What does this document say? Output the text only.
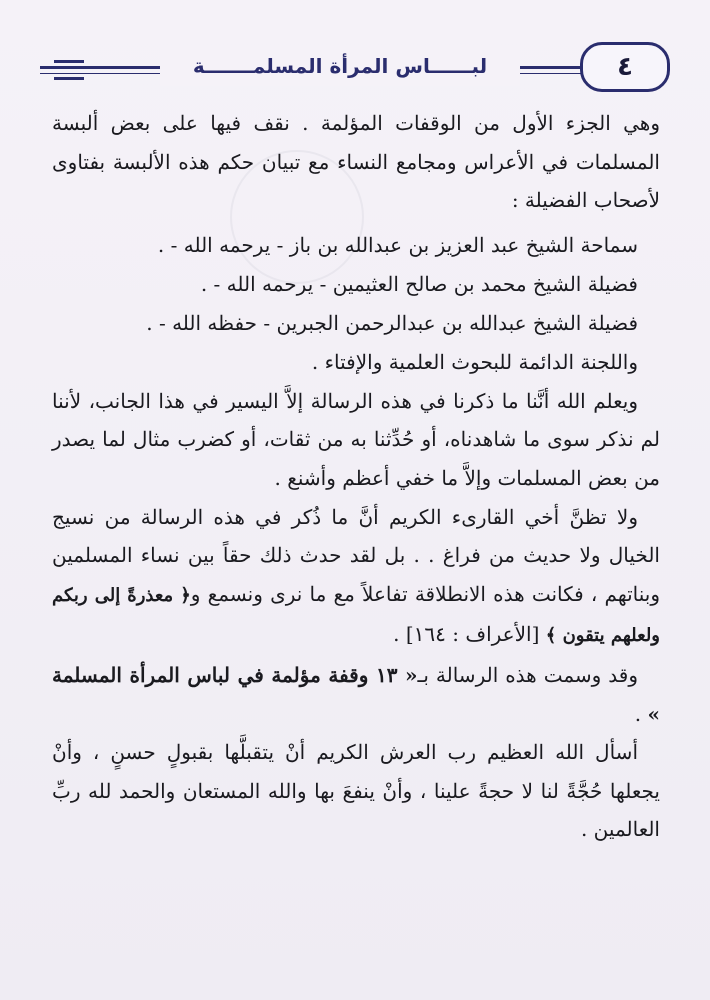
لبــــــاس المرأة المسلمـــــــة	٤

وهي الجزء الأول من الوقفات المؤلمة . نقف فيها على بعض ألبسة المسلمات في الأعراس ومجامع النساء مع تبيان حكم هذه الألبسة بفتاوى لأصحاب الفضيلة :

سماحة الشيخ عبد العزيز بن عبدالله بن باز - يرحمه الله - .
فضيلة الشيخ محمد بن صالح العثيمين - يرحمه الله - .
فضيلة الشيخ عبدالله بن عبدالرحمن الجبرين - حفظه الله - .
واللجنة الدائمة للبحوث العلمية والإفتاء .

ويعلم الله أنَّنا ما ذكرنا في هذه الرسالة إلاَّ اليسير في هذا الجانب، لأننا لم نذكر سوى ما شاهدناه، أو حُدِّثنا به من ثقات، أو كضرب مثال لما يصدر من بعض المسلمات وإلاَّ ما خفي أعظم وأشنع .

ولا تظنَّ أخي القارىء الكريم أنَّ ما ذُكر في هذه الرسالة من نسيج الخيال ولا حديث من فراغ . . بل لقد حدث ذلك حقاً بين نساء المسلمين وبناتهم ، فكانت هذه الانطلاقة تفاعلاً مع ما نرى ونسمع و﴿ معذرةً إلى ربكم ولعلهم يتقون ﴾ [الأعراف : ١٦٤] .

وقد وسمت هذه الرسالة بـ« ١٣ وقفة مؤلمة في لباس المرأة المسلمة » .

أسأل الله العظيم رب العرش الكريم أنْ يتقبلَّها بقبولٍ حسنٍ ، وأنْ يجعلها حُجَّةً لنا لا حجةً علينا ، وأنْ ينفعَ بها والله المستعان والحمد لله ربِّ العالمين .
